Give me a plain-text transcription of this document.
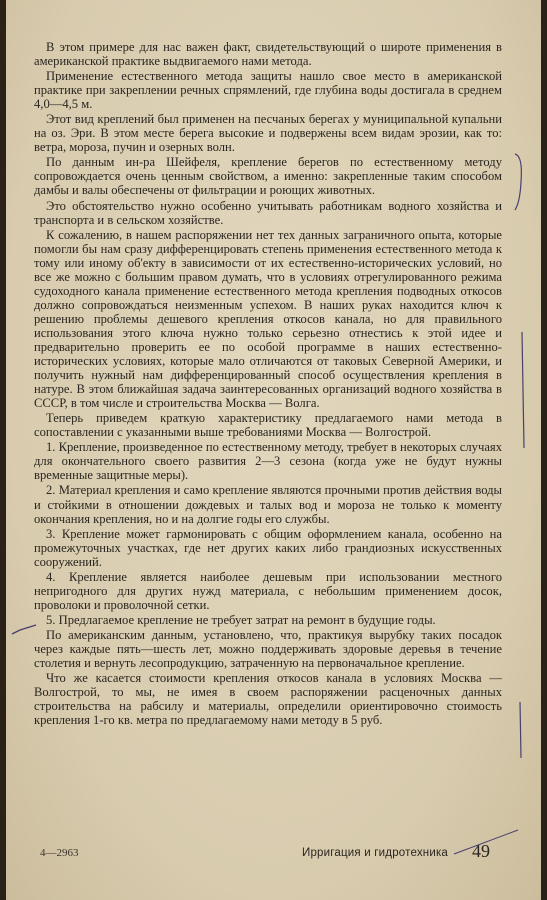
В этом примере для нас важен факт, свидетельствующий о широте применения в американской практике выдвигаемого нами метода.

Применение естественного метода защиты нашло свое место в американской практике при закреплении речных спрямлений, где глубина воды достигала в среднем 4,0—4,5 м.

Этот вид креплений был применен на песчаных берегах у муниципальной купальни на оз. Эри. В этом месте берега высокие и подвержены всем видам эрозии, как то: ветра, мороза, пучин и озерных волн.

По данным ин-ра Шейфеля, крепление берегов по естественному методу сопровождается очень ценным свойством, а именно: закрепленные таким способом дамбы и валы обеспечены от фильтрации и роющих животных.

Это обстоятельство нужно особенно учитывать работникам водного хозяйства и транспорта и в сельском хозяйстве.

К сожалению, в нашем распоряжении нет тех данных заграничного опыта, которые помогли бы нам сразу дифференцировать степень применения естественного метода к тому или иному об'екту в зависимости от их естественно-исторических условий, но все же можно с большим правом думать, что в условиях отрегулированного режима судоходного канала применение естественного метода крепления подводных откосов должно сопровождаться неизменным успехом. В наших руках находится ключ к решению проблемы дешевого крепления откосов канала, но для правильного использования этого ключа нужно только серьезно отнестись к этой идее и предварительно проверить ее по особой программе в наших естественно-исторических условиях, которые мало отличаются от таковых Северной Америки, и получить нужный нам дифференцированный способ осуществления крепления в натуре. В этом ближайшая задача заинтересованных организаций водного хозяйства в СССР, в том числе и строительства Москва — Волга.

Теперь приведем краткую характеристику предлагаемого нами метода в сопоставлении с указанными выше требованиями Москва — Волгострой.

1. Крепление, произведенное по естественному методу, требует в некоторых случаях для окончательного своего развития 2—3 сезона (когда уже не будут нужны временные защитные меры).

2. Материал крепления и само крепление являются прочными против действия воды и стойкими в отношении дождевых и талых вод и мороза не только к моменту окончания крепления, но и на долгие годы его службы.

3. Крепление может гармонировать с общим оформлением канала, особенно на промежуточных участках, где нет других каких либо грандиозных искусственных сооружений.

4. Крепление является наиболее дешевым при использовании местного непригодного для других нужд материала, с небольшим применением досок, проволоки и проволочной сетки.

5. Предлагаемое крепление не требует затрат на ремонт в будущие годы.

По американским данным, установлено, что, практикуя вырубку таких посадок через каждые пять—шесть лет, можно поддерживать здоровые деревья в течение столетия и вернуть лесопродукцию, затраченную на первоначальное крепление.

Что же касается стоимости крепления откосов канала в условиях Москва — Волгострой, то мы, не имея в своем распоряжении расценочных данных строительства на рабсилу и материалы, определили ориентировочно стоимость крепления 1-го кв. метра по предлагаемому нами методу в 5 руб.

4—2963	Ирригация и гидротехника 49
